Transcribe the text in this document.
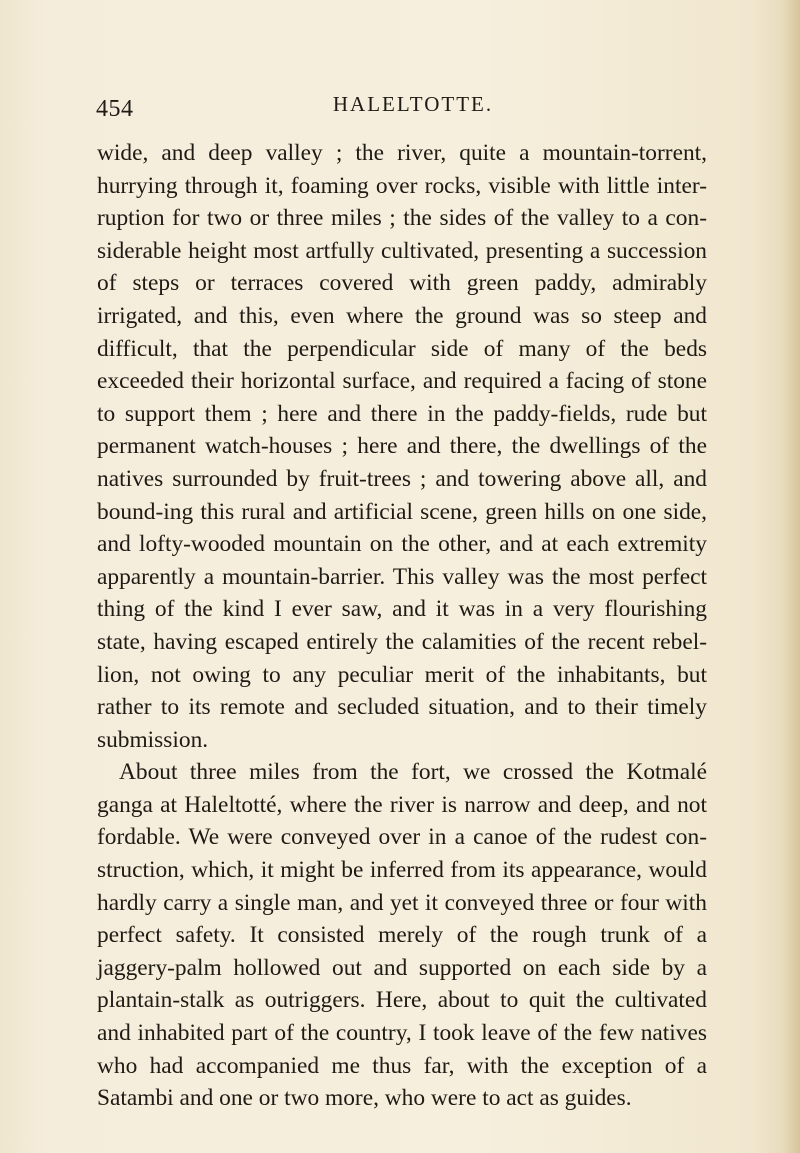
454	HALELTOTTE.

wide, and deep valley ; the river, quite a mountain-torrent, hurrying through it, foaming over rocks, visible with little inter-ruption for two or three miles ; the sides of the valley to a con-siderable height most artfully cultivated, presenting a succession of steps or terraces covered with green paddy, admirably irrigated, and this, even where the ground was so steep and difficult, that the perpendicular side of many of the beds exceeded their horizontal surface, and required a facing of stone to support them ; here and there in the paddy-fields, rude but permanent watch-houses ; here and there, the dwellings of the natives surrounded by fruit-trees ; and towering above all, and bound-ing this rural and artificial scene, green hills on one side, and lofty-wooded mountain on the other, and at each extremity apparently a mountain-barrier. This valley was the most perfect thing of the kind I ever saw, and it was in a very flourishing state, having escaped entirely the calamities of the recent rebel-lion, not owing to any peculiar merit of the inhabitants, but rather to its remote and secluded situation, and to their timely submission.

About three miles from the fort, we crossed the Kotmalé ganga at Haleltotté, where the river is narrow and deep, and not fordable. We were conveyed over in a canoe of the rudest con-struction, which, it might be inferred from its appearance, would hardly carry a single man, and yet it conveyed three or four with perfect safety. It consisted merely of the rough trunk of a jaggery-palm hollowed out and supported on each side by a plantain-stalk as outriggers. Here, about to quit the cultivated and inhabited part of the country, I took leave of the few natives who had accompanied me thus far, with the exception of a Satambi and one or two more, who were to act as guides.
